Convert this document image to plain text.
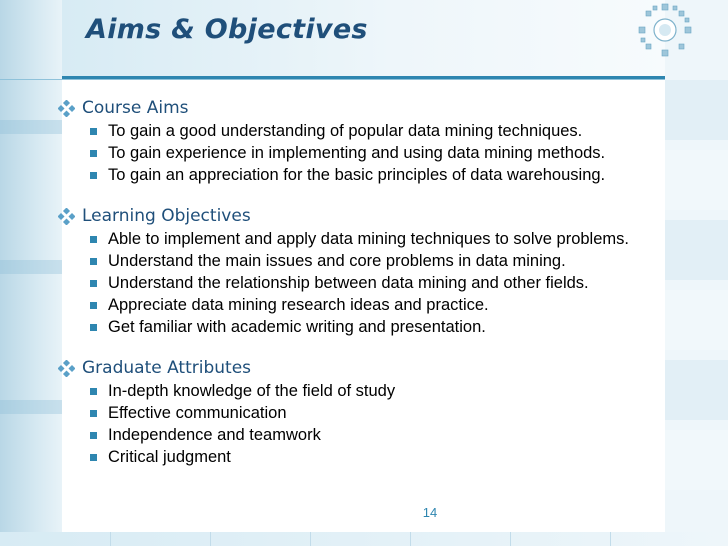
Aims & Objectives
Course Aims
To gain a good understanding of popular data mining techniques.
To gain experience in implementing and using data mining methods.
To gain an appreciation for the basic principles of data warehousing.
Learning Objectives
Able to implement and apply data mining techniques to solve problems.
Understand the main issues and core problems in data mining.
Understand the relationship between data mining and other fields.
Appreciate data mining research ideas and practice.
Get familiar with academic writing and presentation.
Graduate Attributes
In-depth knowledge of the field of study
Effective communication
Independence and teamwork
Critical judgment
14
